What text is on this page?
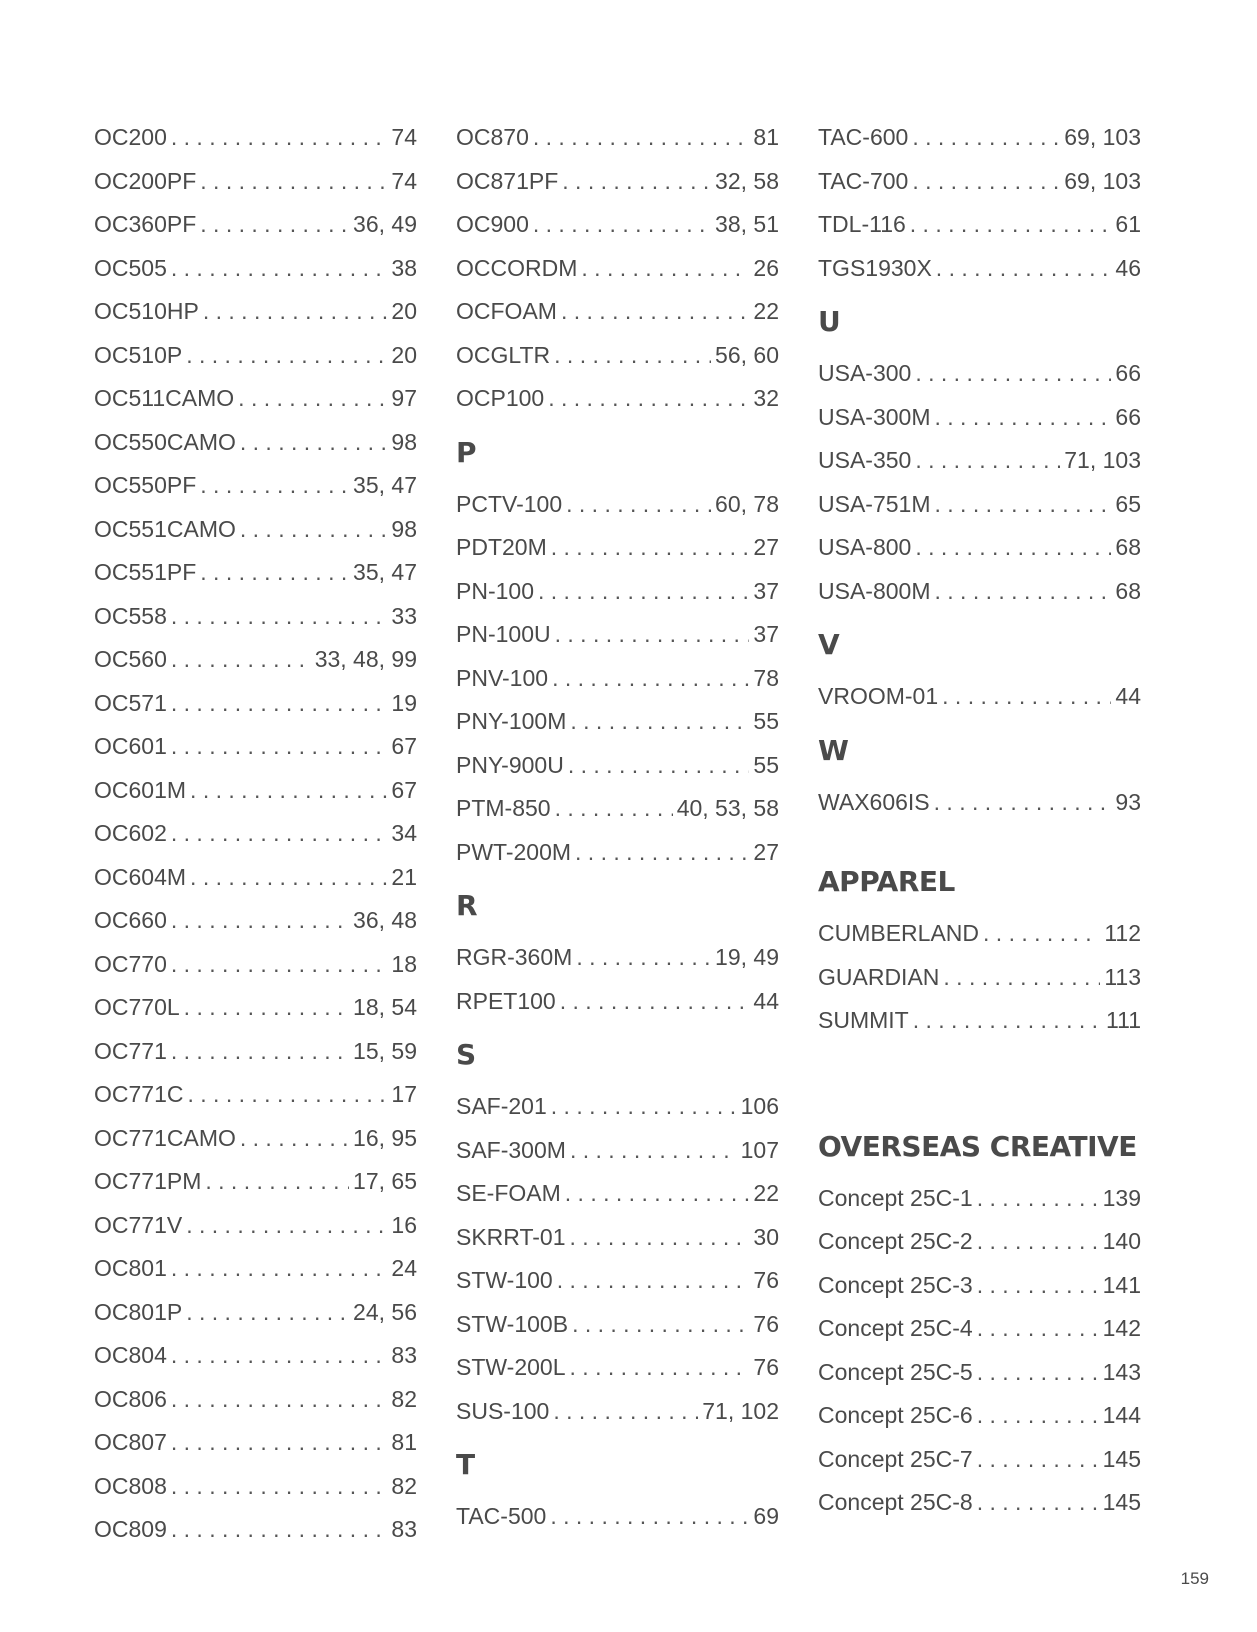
OC200 . . .	74
OC200PF . . .	74
OC360PF . . .	36, 49
OC505 . . .	38
OC510HP . . .	20
OC510P . . .	20
OC511CAMO . . .	97
OC550CAMO . . .	98
OC550PF . . .	35, 47
OC551CAMO . . .	98
OC551PF . . .	35, 47
OC558 . . .	33
OC560 . . .	33, 48, 99
OC571 . . .	19
OC601 . . .	67
OC601M . . .	67
OC602 . . .	34
OC604M . . .	21
OC660 . . .	36, 48
OC770 . . .	18
OC770L . . .	18, 54
OC771 . . .	15, 59
OC771C . . .	17
OC771CAMO . . .	16, 95
OC771PM . . .	17, 65
OC771V . . .	16
OC801 . . .	24
OC801P . . .	24, 56
OC804 . . .	83
OC806 . . .	82
OC807 . . .	81
OC808 . . .	82
OC809 . . .	83
OC870 . . .	81
OC871PF . . .	32, 58
OC900 . . .	38, 51
OCCORDM . . .	26
OCFOAM . . .	22
OCGLTR . . .	56, 60
OCP100 . . .	32
P
PCTV-100 . . .	60, 78
PDT20M . . .	27
PN-100 . . .	37
PN-100U . . .	37
PNV-100 . . .	78
PNY-100M . . .	55
PNY-900U . . .	55
PTM-850 . . .	40, 53, 58
PWT-200M . . .	27
R
RGR-360M . . .	19, 49
RPET100 . . .	44
S
SAF-201 . . .	106
SAF-300M . . .	107
SE-FOAM . . .	22
SKRRT-01 . . .	30
STW-100 . . .	76
STW-100B . . .	76
STW-200L . . .	76
SUS-100 . . .	71, 102
T
TAC-500 . . .	69
TAC-600 . . .	69, 103
TAC-700 . . .	69, 103
TDL-116 . . .	61
TGS1930X . . .	46
U
USA-300 . . .	66
USA-300M . . .	66
USA-350 . . .	71, 103
USA-751M . . .	65
USA-800 . . .	68
USA-800M . . .	68
V
VROOM-01 . . .	44
W
WAX606IS . . .	93
APPAREL
CUMBERLAND . . .	112
GUARDIAN . . .	113
SUMMIT . . .	111
OVERSEAS CREATIVE
Concept 25C-1 . . .	139
Concept 25C-2 . . .	140
Concept 25C-3 . . .	141
Concept 25C-4 . . .	142
Concept 25C-5 . . .	143
Concept 25C-6 . . .	144
Concept 25C-7 . . .	145
Concept 25C-8 . . .	145
159
